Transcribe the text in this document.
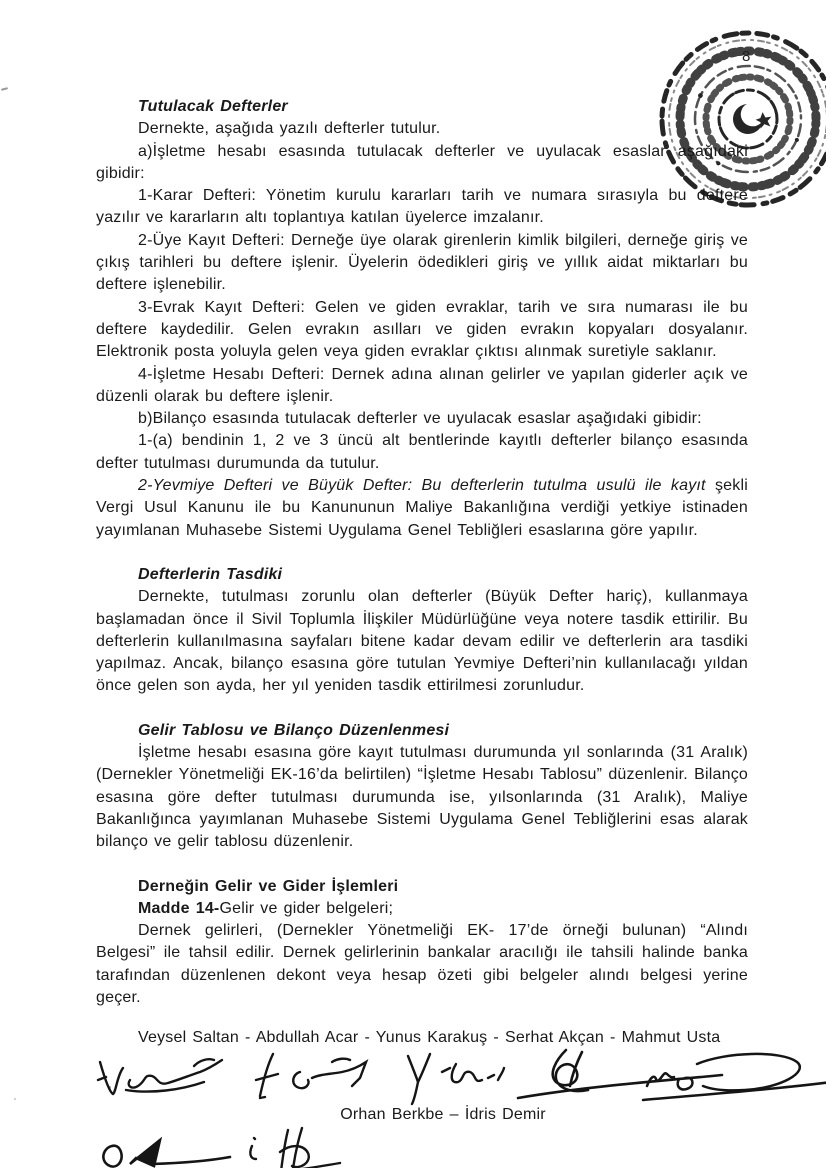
8
Tutulacak Defterler

Dernekte, aşağıda yazılı defterler tutulur.

a)İşletme hesabı esasında tutulacak defterler ve uyulacak esaslar aşağıdaki gibidir:

1-Karar Defteri: Yönetim kurulu kararları tarih ve numara sırasıyla bu deftere yazılır ve kararların altı toplantıya katılan üyelerce imzalanır.

2-Üye Kayıt Defteri: Derneğe üye olarak girenlerin kimlik bilgileri, derneğe giriş ve çıkış tarihleri bu deftere işlenir. Üyelerin ödedikleri giriş ve yıllık aidat miktarları bu deftere işlenebilir.

3-Evrak Kayıt Defteri: Gelen ve giden evraklar, tarih ve sıra numarası ile bu deftere kaydedilir. Gelen evrakın asılları ve giden evrakın kopyaları dosyalanır. Elektronik posta yoluyla gelen veya giden evraklar çıktısı alınmak suretiyle saklanır.

4-İşletme Hesabı Defteri: Dernek adına alınan gelirler ve yapılan giderler açık ve düzenli olarak bu deftere işlenir.

b)Bilanço esasında tutulacak defterler ve uyulacak esaslar aşağıdaki gibidir:

1-(a) bendinin 1, 2 ve 3 üncü alt bentlerinde kayıtlı defterler bilanço esasında defter tutulması durumunda da tutulur.

2-Yevmiye Defteri ve Büyük Defter: Bu defterlerin tutulma usulü ile kayıt şekli Vergi Usul Kanunu ile bu Kanununun Maliye Bakanlığına verdiği yetkiye istinaden yayımlanan Muhasebe Sistemi Uygulama Genel Tebliğleri esaslarına göre yapılır.

Defterlerin Tasdiki

Dernekte, tutulması zorunlu olan defterler (Büyük Defter hariç), kullanmaya başlamadan önce il Sivil Toplumla İlişkiler Müdürlüğüne veya notere tasdik ettirilir. Bu defterlerin kullanılmasına sayfaları bitene kadar devam edilir ve defterlerin ara tasdiki yapılmaz. Ancak, bilanço esasına göre tutulan Yevmiye Defteri’nin kullanılacağı yıldan önce gelen son ayda, her yıl yeniden tasdik ettirilmesi zorunludur.

Gelir Tablosu ve Bilanço Düzenlenmesi

İşletme hesabı esasına göre kayıt tutulması durumunda yıl sonlarında (31 Aralık) (Dernekler Yönetmeliği EK-16’da belirtilen) “İşletme Hesabı Tablosu” düzenlenir. Bilanço esasına göre defter tutulması durumunda ise, yılsonlarında (31 Aralık), Maliye Bakanlığınca yayımlanan Muhasebe Sistemi Uygulama Genel Tebliğlerini esas alarak bilanço ve gelir tablosu düzenlenir.

Derneğin Gelir ve Gider İşlemleri

Madde 14-Gelir ve gider belgeleri;

Dernek gelirleri, (Dernekler Yönetmeliği EK- 17’de örneği bulunan) “Alındı Belgesi” ile tahsil edilir. Dernek gelirlerinin bankalar aracılığı ile tahsili halinde banka tarafından düzenlenen dekont veya hesap özeti gibi belgeler alındı belgesi yerine geçer.

Veysel Saltan - Abdullah Acar - Yunus Karakuş - Serhat Akçan - Mahmut Usta

Orhan Berkbe – İdris Demir
